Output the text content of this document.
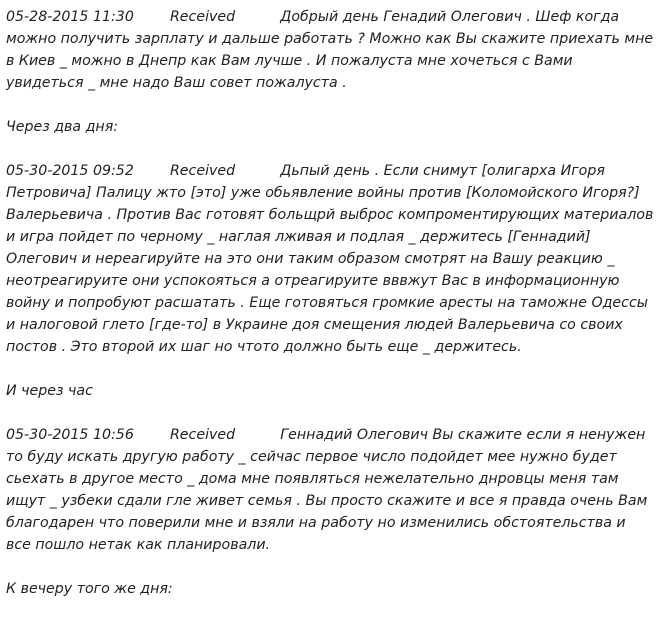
05-28-2015 11:30	Received	Добрый день Генадий Олегович . Шеф когда можно получить зарплату и дальше работать ? Можно как Вы скажите приехать мне в Киев _ можно в Днепр как Вам лучше . И пожалуста мне хочеться с Вами увидеться _ мне надо Ваш совет пожалуста .
Через два дня:
05-30-2015 09:52	Received	Дьпый день . Если снимут [олигарха Игоря Петровича] Палицу жто [это] уже обьявление войны против [Коломойского Игоря?] Валерьевича . Против Вас готовят больщрй выброс компроментирующих материалов и игра пойдет по черному _ наглая лживая и подлая _ держитесь [Геннадий] Олегович и нереагируйте на это они таким образом смотрят на Вашу реакцию _ неотреагируите они успокояться а отреагируите вввжут Вас в информационную войну и попробуют расшатать . Еще готовяться громкие аресты на таможне Одессы и налоговой глето [где-то] в Украине доя смещения людей Валерьевича со своих постов . Это второй их шаг но чтото должно быть еще _ держитесь.
И через час
05-30-2015 10:56	Received	Геннадий Олегович Вы скажите если я ненужен то буду искать другую работу _ сейчас первое число подойдет мее нужно будет сьехать в другое место _ дома мне появляться нежелательно днровцы меня там ищут _ узбеки сдали гле живет семья . Вы просто скажите и все я правда очень Вам благодарен что поверили мне и взяли на работу но изменились обстоятельства и все пошло нетак как планировали.
К вечеру того же дня:
